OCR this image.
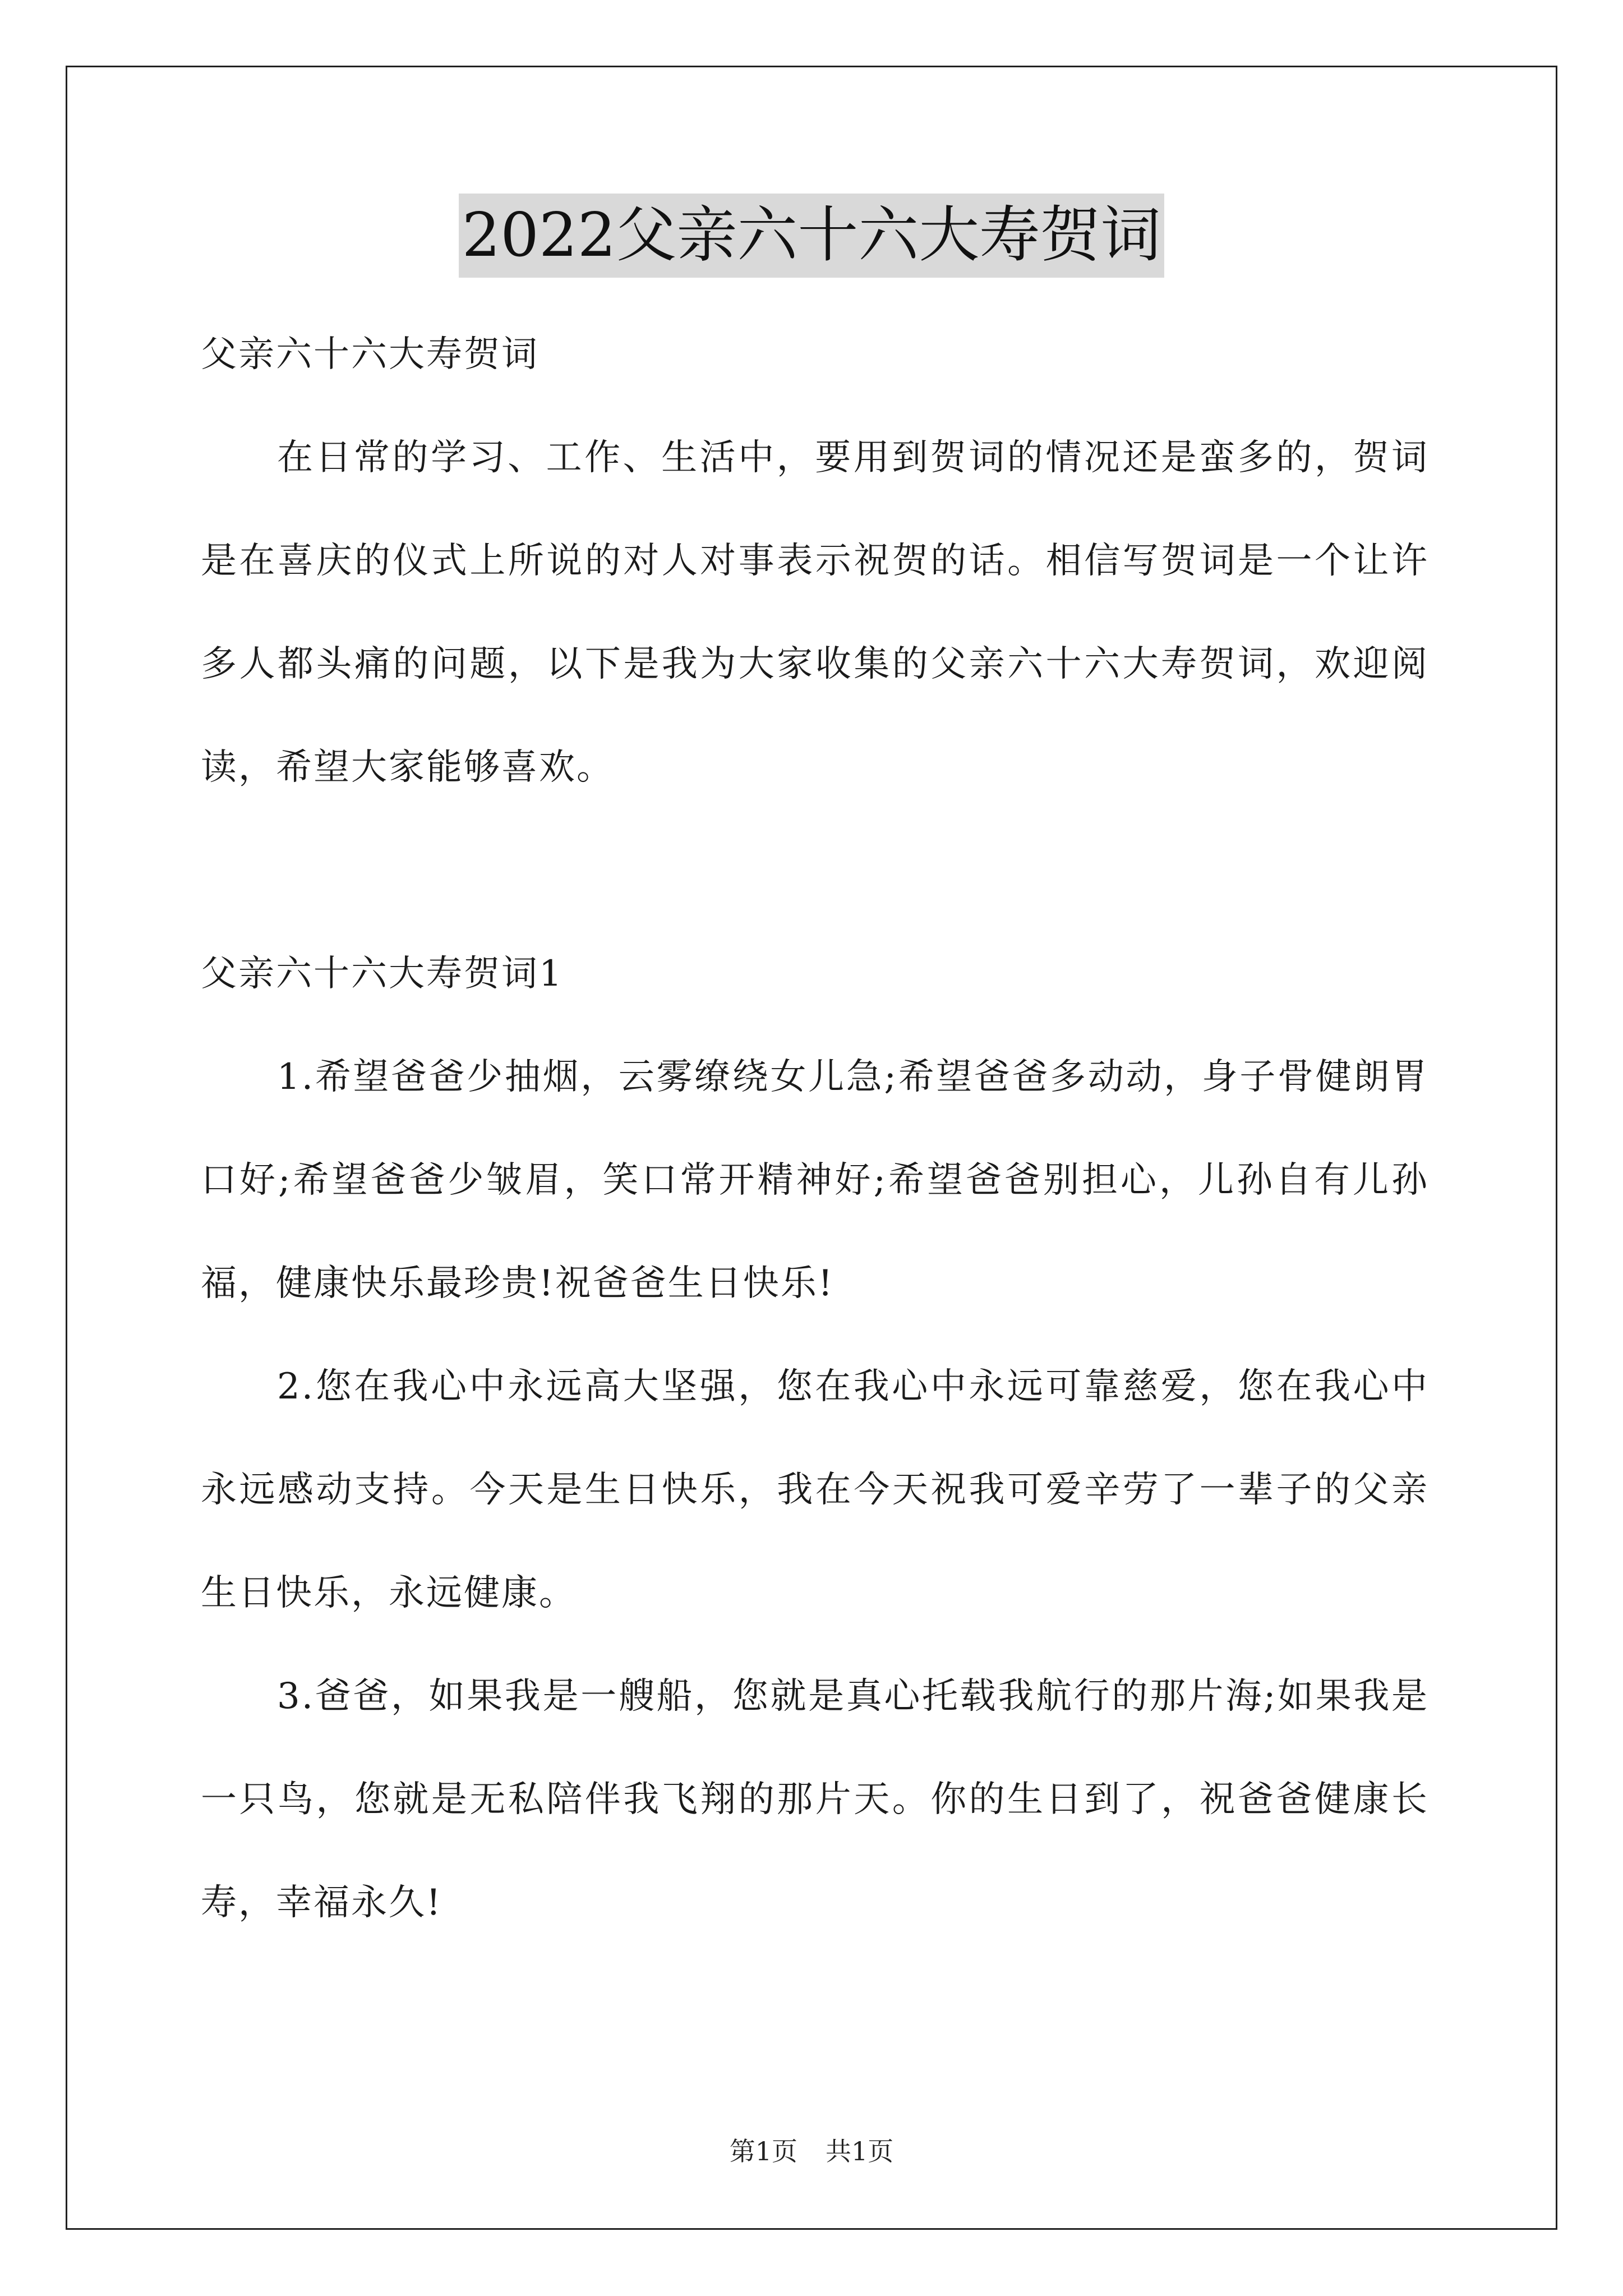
2022父亲六十六大寿贺词

父亲六十六大寿贺词

在日常的学习、工作、生活中，要用到贺词的情况还是蛮多的，贺词是在喜庆的仪式上所说的对人对事表示祝贺的话。相信写贺词是一个让许多人都头痛的问题，以下是我为大家收集的父亲六十六大寿贺词，欢迎阅读，希望大家能够喜欢。

父亲六十六大寿贺词1

1.希望爸爸少抽烟，云雾缭绕女儿急;希望爸爸多动动，身子骨健朗胃口好;希望爸爸少皱眉，笑口常开精神好;希望爸爸别担心，儿孙自有儿孙福，健康快乐最珍贵!祝爸爸生日快乐!

2.您在我心中永远高大坚强，您在我心中永远可靠慈爱，您在我心中永远感动支持。今天是生日快乐，我在今天祝我可爱辛劳了一辈子的父亲生日快乐，永远健康。

3.爸爸，如果我是一艘船，您就是真心托载我航行的那片海;如果我是一只鸟，您就是无私陪伴我飞翔的那片天。你的生日到了，祝爸爸健康长寿，幸福永久!

第1页 共1页
